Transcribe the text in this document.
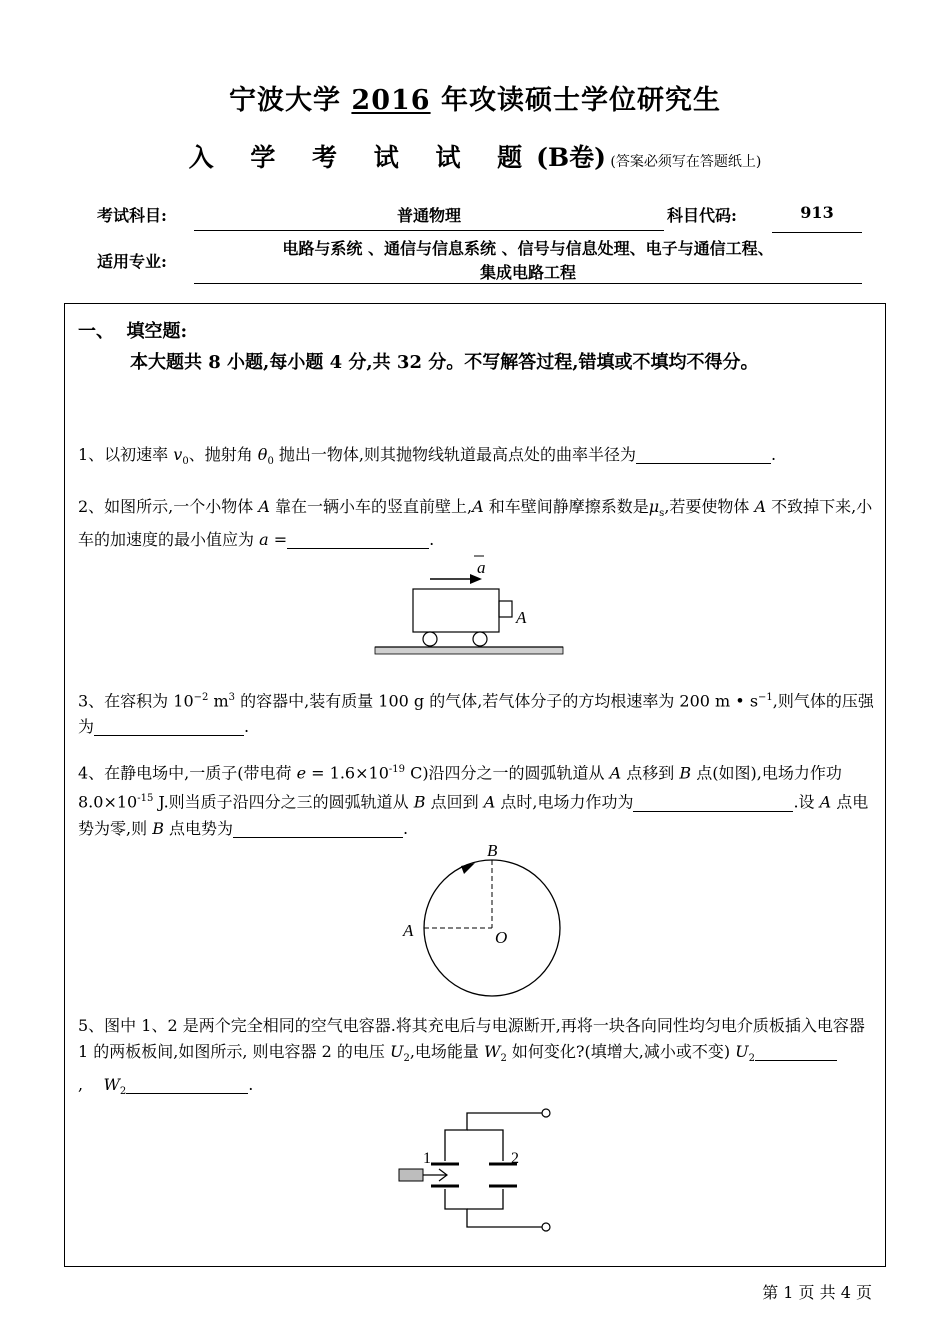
宁波大学 2016 年攻读硕士学位研究生
入 学 考 试 试 题(B卷) (答案必须写在答题纸上)
考试科目:	普通物理	科目代码:	913
适用专业:
电路与系统 、通信与信息系统 、信号与信息处理、电子与通信工程、
集成电路工程
一、 填空题:
本大题共 8 小题,每小题 4 分,共 32 分。不写解答过程,错填或不填均不得分。
1、以初速率 $v_0$、抛射角 $\theta_0$ 抛出一物体,则其抛物线轨道最高点处的曲率半径为	.
2、如图所示,一个小物体 A 靠在一辆小车的竖直前壁上,A 和车壁间静摩擦系数是$\mu_s$,若要使物体 A 不致掉下来,小车的加速度的最小值应为 a =	.
a
A
3、在容积为 $10^{-2}$ $m^3$ 的容器中,装有质量 100 g 的气体,若气体分子的方均根速率为 200 m • $s^{-1}$,则气体的压强为	.
4、在静电场中,一质子(带电荷 $e = 1.6\times 10^{-19}$ C)沿四分之一的圆弧轨道从 A 点移到 B 点(如图),电场力作功 $8.0\times 10^{-15}$ J.则当质子沿四分之三的圆弧轨道从 B 点回到 A 点时,电场力作功为	.设 A 点电势为零,则 B 点电势为	.
B
A	O
5、图中 1、2 是两个完全相同的空气电容器.将其充电后与电源断开,再将一块各向同性均匀电介质板插入电容器 1 的两板板间,如图所示, 则电容器 2 的电压 $U_2$,电场能量 $W_2$ 如何变化?(填增大,减小或不变) $U_2$, $W_2$	.
1	2
第 1 页 共 4 页
